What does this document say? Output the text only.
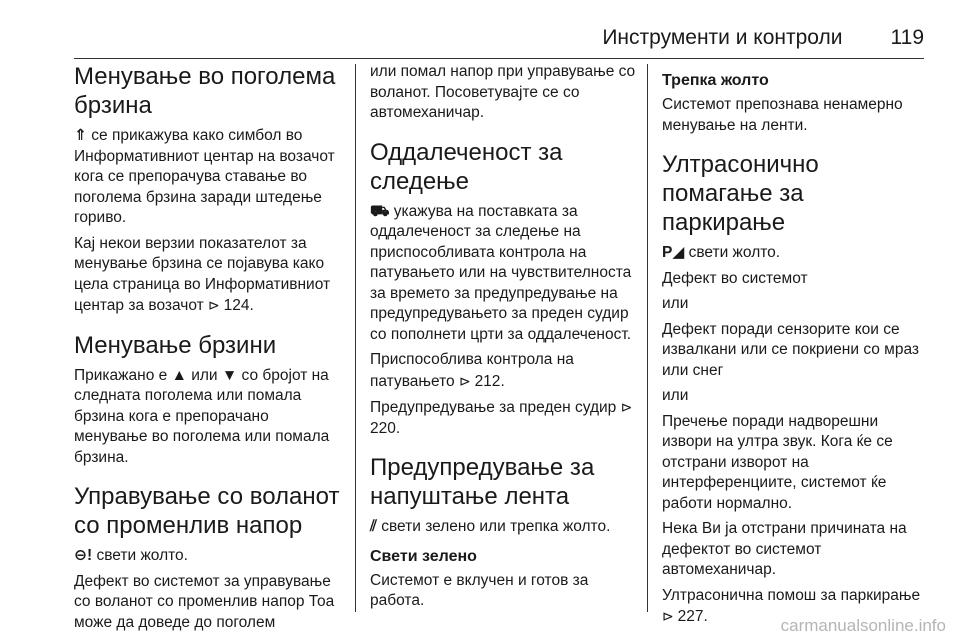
Инструменти и контроли 119
Менување во поголема брзина

⇑ се прикажува како симбол во Информативниот центар на возачот кога се препорачува ставање во поголема брзина заради штедење гориво.

Кај некои верзии показателот за менување брзина се појавува како цела страница во Информативниот центар за возачот ⊳ 124.

Менување брзини

Прикажано е ▲ или ▼ со бројот на следната поголема или помала брзина кога е препорачано менување во поголема или помала брзина.

Управување со воланот со променлив напор

⊖! свети жолто.

Дефект во системот за управување со воланот со променлив напор Тоа може да доведе до поголем

или помал напор при управување со воланот. Посоветувајте се со автомеханичар.

Оддалеченост за следење

⛟ укажува на поставката за оддалеченост за следење на приспособливата контрола на патувањето или на чувствителноста за времето за предупредување на предупредувањето за преден судир со пополнети црти за оддалеченост.

Приспособлива контрола на патувањето ⊳ 212.

Предупредување за преден судир ⊳ 220.

Предупредување за напуштање лента

⫽ свети зелено или трепка жолто.

Свети зелено

Системот е вклучен и готов за работа.

Трепка жолто

Системот препознава ненамерно менување на ленти.

Ултрасонично помагање за паркирање

P◢ свети жолто.

Дефект во системот

или

Дефект поради сензорите кои се извалкани или се покриени со мраз или снег

или

Пречење поради надворешни извори на ултра звук. Кога ќе се отстрани изворот на интерференциите, системот ќе работи нормално.

Нека Ви ја отстрани причината на дефектот во системот автомеханичар.

Ултрасонична помош за паркирање ⊳ 227.	carmanualsonline.info
